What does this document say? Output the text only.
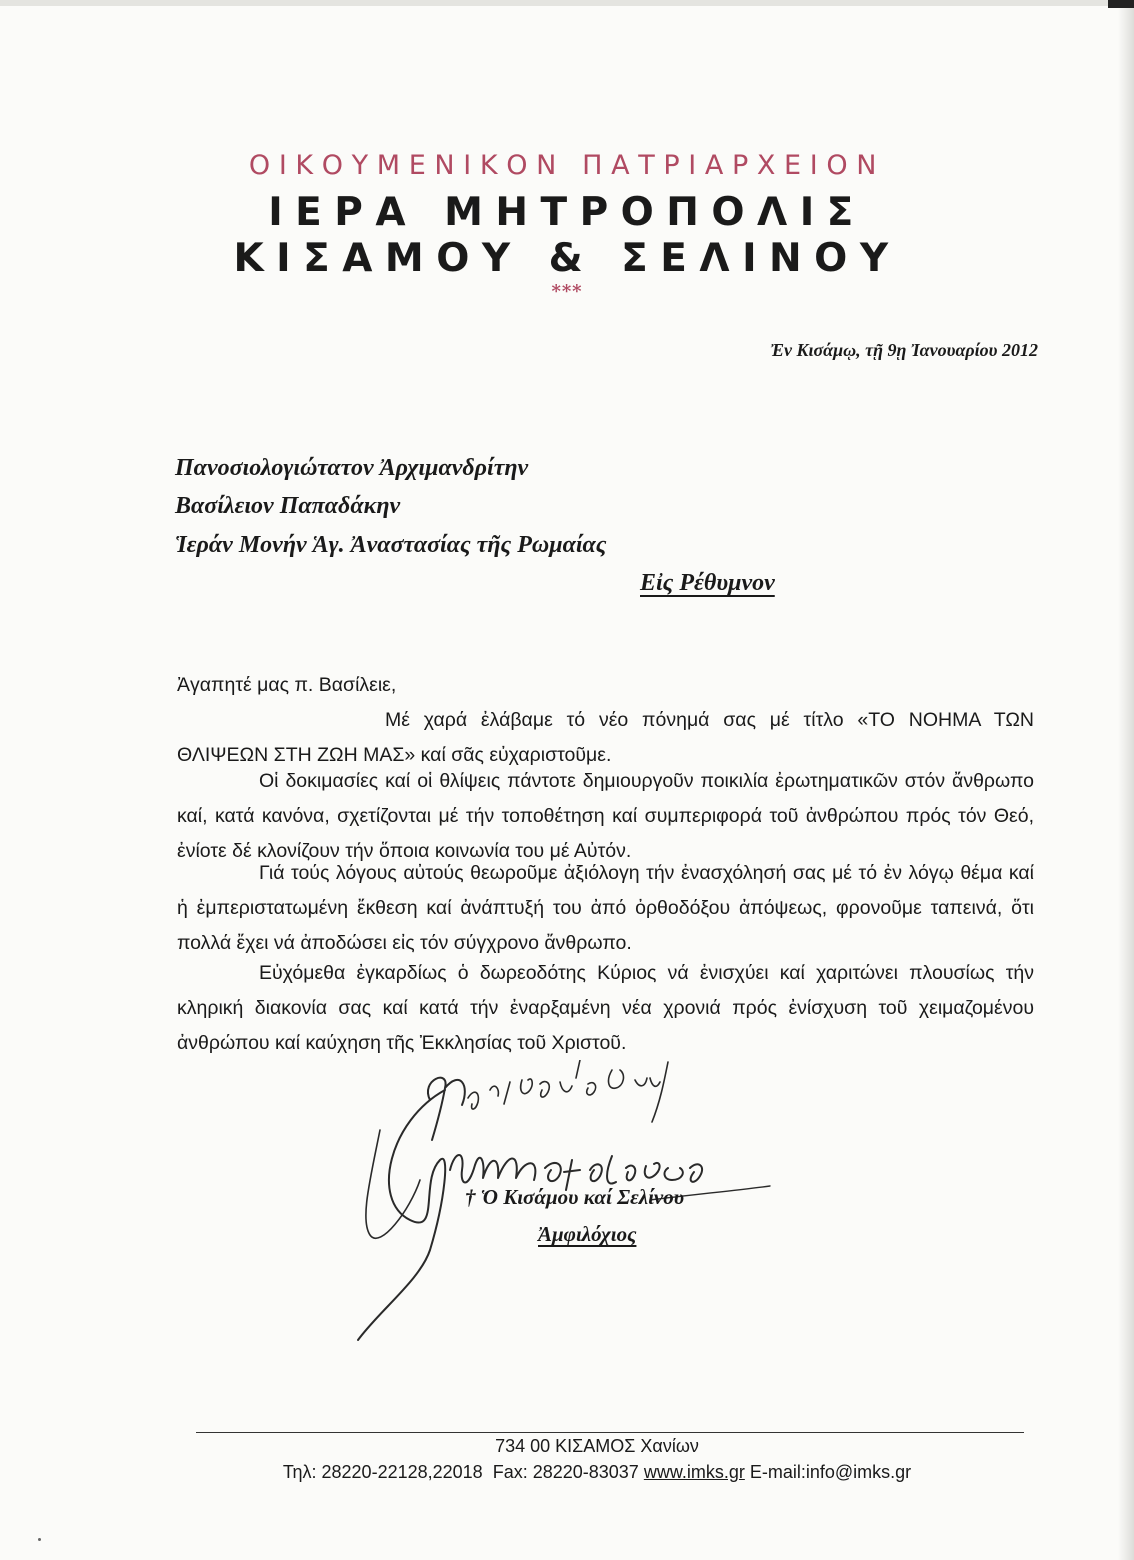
ΟΙΚΟΥΜΕΝΙΚΟΝ ΠΑΤΡΙΑΡΧΕΙΟΝ
ΙΕΡΑ ΜΗΤΡΟΠΟΛΙΣ
ΚΙΣΑΜΟΥ & ΣΕΛΙΝΟΥ
***
Ἐν Κισάμῳ, τῇ 9ῃ Ἰανουαρίου 2012
Πανοσιολογιώτατον Ἀρχιμανδρίτην
Βασίλειον Παπαδάκην
Ἱεράν Μονήν Ἁγ. Ἀναστασίας τῆς Ρωμαίας
Εἰς Ρέθυμνον
Ἀγαπητέ μας π. Βασίλειε,
Μέ χαρά ἐλάβαμε τό νέο πόνημά σας μέ τίτλο «ΤΟ ΝΟΗΜΑ ΤΩΝ ΘΛΙΨΕΩΝ ΣΤΗ ΖΩΗ ΜΑΣ» καί σᾶς εὐχαριστοῦμε.
Οἱ δοκιμασίες καί οἱ θλίψεις πάντοτε δημιουργοῦν ποικιλία ἐρωτηματικῶν στόν ἄνθρωπο καί, κατά κανόνα, σχετίζονται μέ τήν τοποθέτηση καί συμπεριφορά τοῦ ἀνθρώπου πρός τόν Θεό, ἐνίοτε δέ κλονίζουν τήν ὅποια κοινωνία του μέ Αὐτόν.
Γιά τούς λόγους αὐτούς θεωροῦμε ἀξιόλογη τήν ἐνασχόλησή σας μέ τό ἐν λόγῳ θέμα καί ἡ ἐμπεριστατωμένη ἔκθεση καί ἀνάπτυξή του ἀπό ὀρθοδόξου ἀπόψεως, φρονοῦμε ταπεινά, ὅτι πολλά ἔχει νά ἀποδώσει εἰς τόν σύγχρονο ἄνθρωπο.
Εὐχόμεθα ἐγκαρδίως ὁ δωρεοδότης Κύριος νά ἐνισχύει καί χαριτώνει πλουσίως τήν κληρική διακονία σας καί κατά τήν ἐναρξαμένη νέα χρονιά πρός ἐνίσχυση τοῦ χειμαζομένου ἀνθρώπου καί καύχηση τῆς Ἐκκλησίας τοῦ Χριστοῦ.
† Ὁ Κισάμου καί Σελίνου
Ἀμφιλόχιος
734 00 ΚΙΣΑΜΟΣ Χανίων
Τηλ: 28220-22128,22018 Fax: 28220-83037 www.imks.gr E-mail:info@imks.gr
